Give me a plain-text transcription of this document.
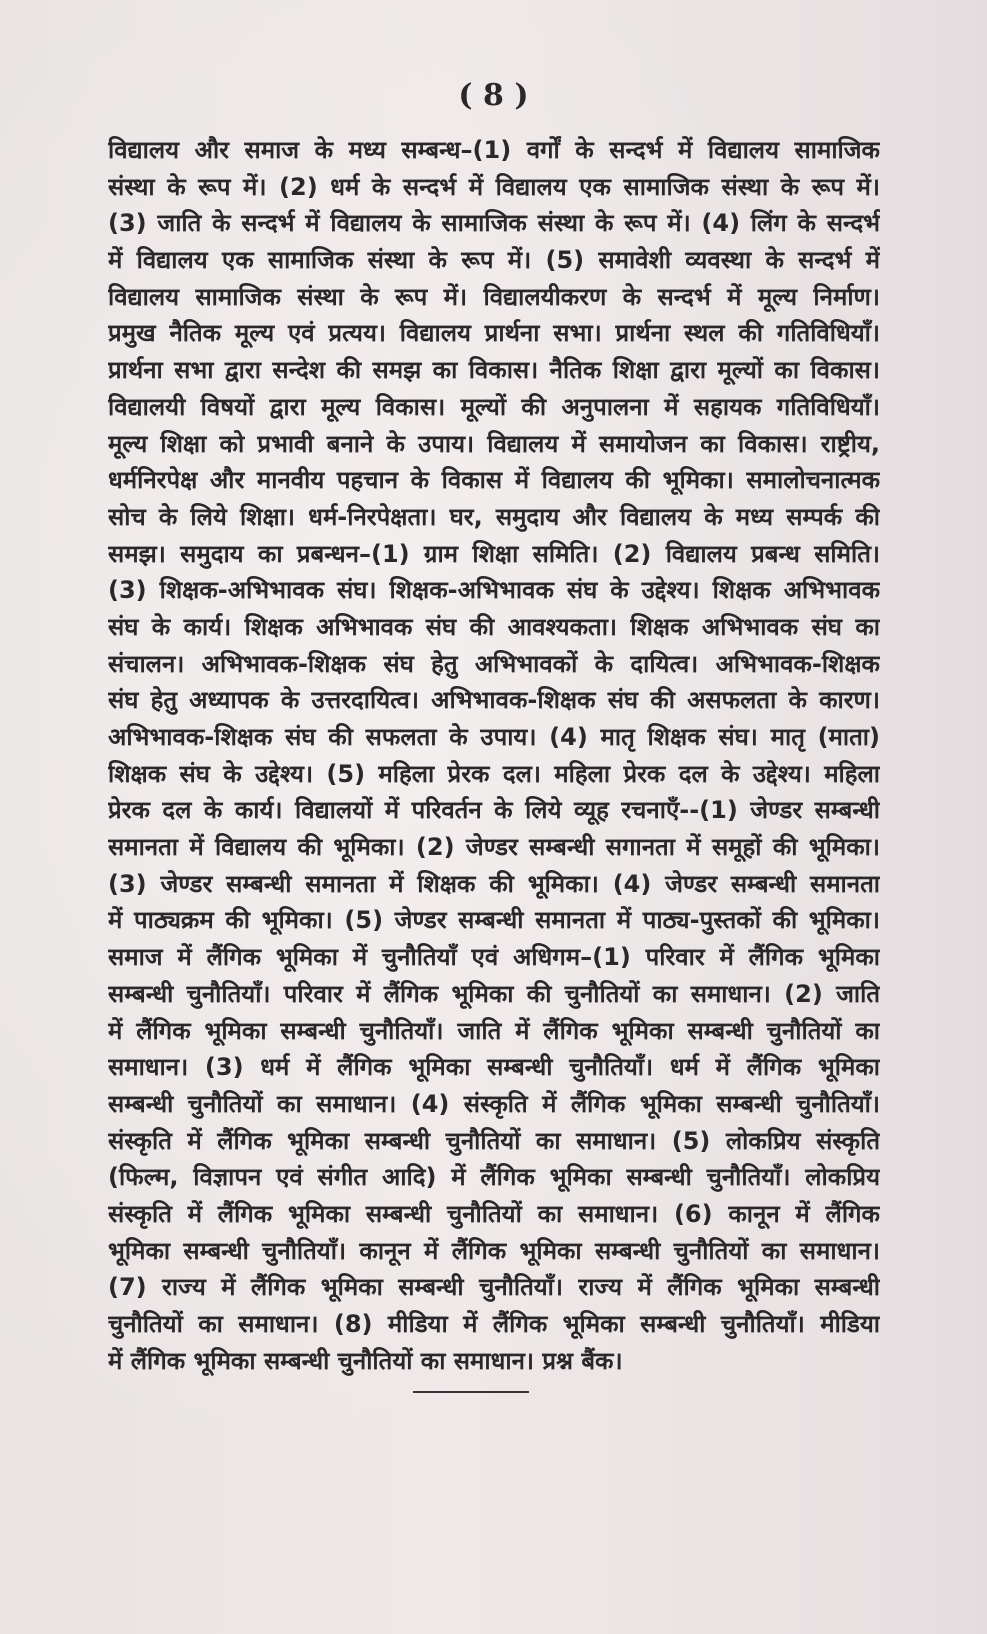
( 8 )
विद्यालय और समाज के मध्य सम्बन्ध–(1) वर्गों के सन्दर्भ में विद्यालय सामाजिक
संस्था के रूप में। (2) धर्म के सन्दर्भ में विद्यालय एक सामाजिक संस्था के रूप में।
(3) जाति के सन्दर्भ में विद्यालय के सामाजिक संस्था के रूप में। (4) लिंग के सन्दर्भ
में विद्यालय एक सामाजिक संस्था के रूप में। (5) समावेशी व्यवस्था के सन्दर्भ में
विद्यालय सामाजिक संस्था के रूप में। विद्यालयीकरण के सन्दर्भ में मूल्य निर्माण।
प्रमुख नैतिक मूल्य एवं प्रत्यय। विद्यालय प्रार्थना सभा। प्रार्थना स्थल की गतिविधियाँ।
प्रार्थना सभा द्वारा सन्देश की समझ का विकास। नैतिक शिक्षा द्वारा मूल्यों का विकास।
विद्यालयी विषयों द्वारा मूल्य विकास। मूल्यों की अनुपालना में सहायक गतिविधियाँ।
मूल्य शिक्षा को प्रभावी बनाने के उपाय। विद्यालय में समायोजन का विकास। राष्ट्रीय,
धर्मनिरपेक्ष और मानवीय पहचान के विकास में विद्यालय की भूमिका। समालोचनात्मक
सोच के लिये शिक्षा। धर्म-निरपेक्षता। घर, समुदाय और विद्यालय के मध्य सम्पर्क की
समझ। समुदाय का प्रबन्धन–(1) ग्राम शिक्षा समिति। (2) विद्यालय प्रबन्ध समिति।
(3) शिक्षक-अभिभावक संघ। शिक्षक-अभिभावक संघ के उद्देश्य। शिक्षक अभिभावक
संघ के कार्य। शिक्षक अभिभावक संघ की आवश्यकता। शिक्षक अभिभावक संघ का
संचालन। अभिभावक-शिक्षक संघ हेतु अभिभावकों के दायित्व। अभिभावक-शिक्षक
संघ हेतु अध्यापक के उत्तरदायित्व। अभिभावक-शिक्षक संघ की असफलता के कारण।
अभिभावक-शिक्षक संघ की सफलता के उपाय। (4) मातृ शिक्षक संघ। मातृ (माता)
शिक्षक संघ के उद्देश्य। (5) महिला प्रेरक दल। महिला प्रेरक दल के उद्देश्य। महिला
प्रेरक दल के कार्य। विद्यालयों में परिवर्तन के लिये व्यूह रचनाएँ--(1) जेण्डर सम्बन्धी
समानता में विद्यालय की भूमिका। (2) जेण्डर सम्बन्धी सगानता में समूहों की भूमिका।
(3) जेण्डर सम्बन्धी समानता में शिक्षक की भूमिका। (4) जेण्डर सम्बन्धी समानता
में पाठ्यक्रम की भूमिका। (5) जेण्डर सम्बन्धी समानता में पाठ्य-पुस्तकों की भूमिका।
समाज में लैंगिक भूमिका में चुनौतियाँ एवं अधिगम–(1) परिवार में लैंगिक भूमिका
सम्बन्धी चुनौतियाँ। परिवार में लैंगिक भूमिका की चुनौतियों का समाधान। (2) जाति
में लैंगिक भूमिका सम्बन्धी चुनौतियाँ। जाति में लैंगिक भूमिका सम्बन्धी चुनौतियों का
समाधान। (3) धर्म में लैंगिक भूमिका सम्बन्धी चुनौतियाँ। धर्म में लैंगिक भूमिका
सम्बन्धी चुनौतियों का समाधान। (4) संस्कृति में लैंगिक भूमिका सम्बन्धी चुनौतियाँ।
संस्कृति में लैंगिक भूमिका सम्बन्धी चुनौतियों का समाधान। (5) लोकप्रिय संस्कृति
(फिल्म, विज्ञापन एवं संगीत आदि) में लैंगिक भूमिका सम्बन्धी चुनौतियाँ। लोकप्रिय
संस्कृति में लैंगिक भूमिका सम्बन्धी चुनौतियों का समाधान। (6) कानून में लैंगिक
भूमिका सम्बन्धी चुनौतियाँ। कानून में लैंगिक भूमिका सम्बन्धी चुनौतियों का समाधान।
(7) राज्य में लैंगिक भूमिका सम्बन्धी चुनौतियाँ। राज्य में लैंगिक भूमिका सम्बन्धी
चुनौतियों का समाधान। (8) मीडिया में लैंगिक भूमिका सम्बन्धी चुनौतियाँ। मीडिया
में लैंगिक भूमिका सम्बन्धी चुनौतियों का समाधान। प्रश्न बैंक।
